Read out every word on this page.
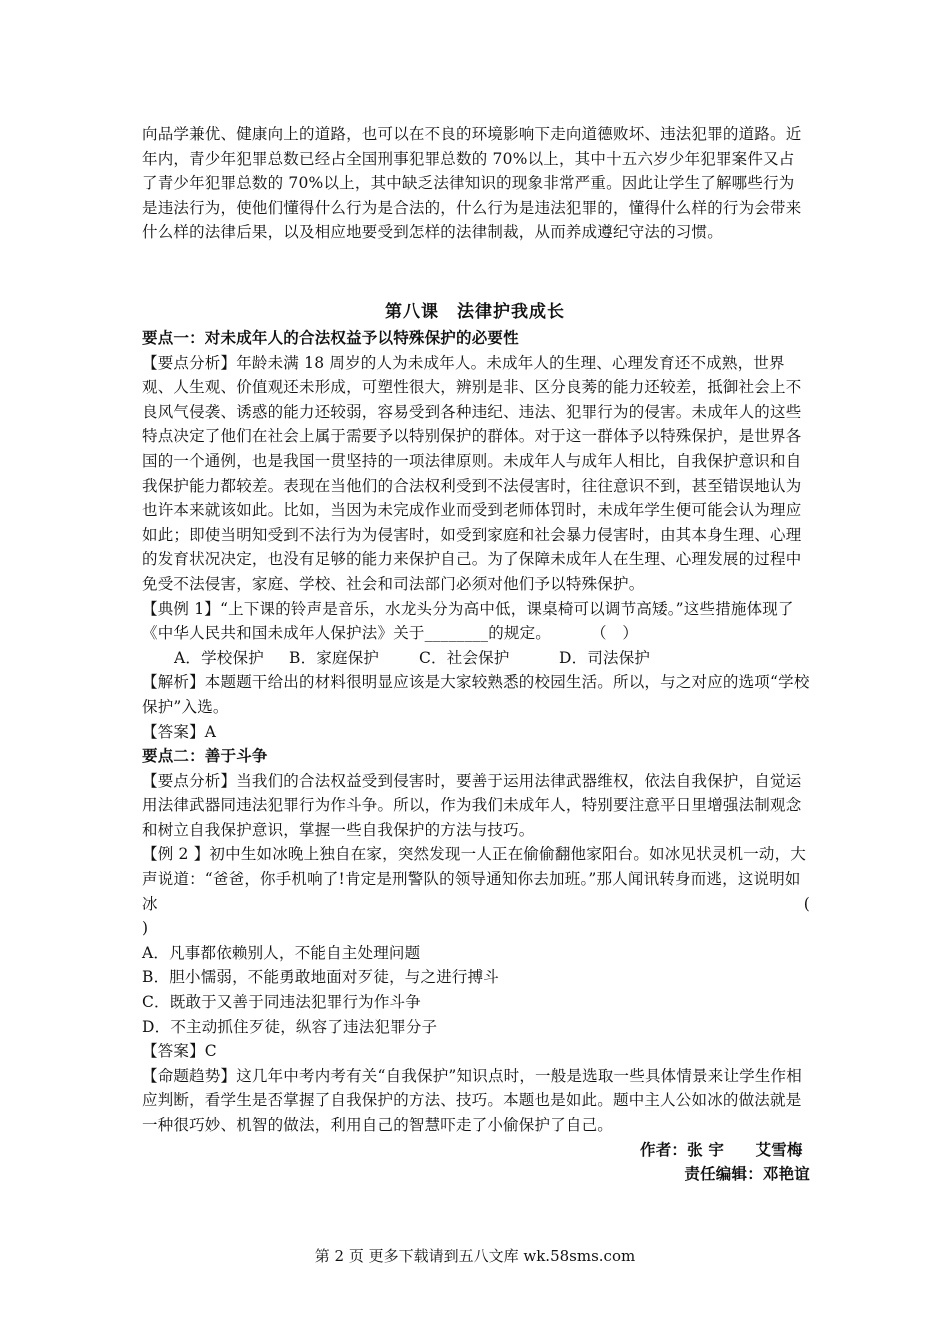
向品学兼优、健康向上的道路，也可以在不良的环境影响下走向道德败坏、违法犯罪的道路。近年内，青少年犯罪总数已经占全国刑事犯罪总数的 70%以上，其中十五六岁少年犯罪案件又占了青少年犯罪总数的 70%以上，其中缺乏法律知识的现象非常严重。因此让学生了解哪些行为是违法行为，使他们懂得什么行为是合法的，什么行为是违法犯罪的，懂得什么样的行为会带来什么样的法律后果，以及相应地要受到怎样的法律制裁，从而养成遵纪守法的习惯。

第八课　法律护我成长

要点一：对未成年人的合法权益予以特殊保护的必要性

【要点分析】年龄未满 18 周岁的人为未成年人。未成年人的生理、心理发育还不成熟，世界观、人生观、价值观还未形成，可塑性很大，辨别是非、区分良莠的能力还较差，抵御社会上不良风气侵袭、诱惑的能力还较弱，容易受到各种违纪、违法、犯罪行为的侵害。未成年人的这些特点决定了他们在社会上属于需要予以特别保护的群体。对于这一群体予以特殊保护，是世界各国的一个通例，也是我国一贯坚持的一项法律原则。未成年人与成年人相比，自我保护意识和自我保护能力都较差。表现在当他们的合法权利受到不法侵害时，往往意识不到，甚至错误地认为也许本来就该如此。比如，当因为未完成作业而受到老师体罚时，未成年学生便可能会认为理应如此；即使当明知受到不法行为为侵害时，如受到家庭和社会暴力侵害时，由其本身生理、心理的发育状况决定，也没有足够的能力来保护自己。为了保障未成年人在生理、心理发展的过程中免受不法侵害，家庭、学校、社会和司法部门必须对他们予以特殊保护。

【典例 1】“上下课的铃声是音乐，水龙头分为高中低，课桌椅可以调节高矮。”这些措施体现了《中华人民共和国未成年人保护法》关于________的规定。	（　）

A．学校保护 B．家庭保护	C．社会保护	D．司法保护

【解析】本题题干给出的材料很明显应该是大家较熟悉的校园生活。所以，与之对应的选项“学校保护”入选。

【答案】A

要点二：善于斗争

【要点分析】当我们的合法权益受到侵害时，要善于运用法律武器维权，依法自我保护，自觉运用法律武器同违法犯罪行为作斗争。所以，作为我们未成年人，特别要注意平日里增强法制观念和树立自我保护意识，掌握一些自我保护的方法与技巧。

【例 2 】初中生如冰晚上独自在家，突然发现一人正在偷偷翻他家阳台。如冰见状灵机一动，大声说道：“爸爸，你手机响了!肯定是刑警队的领导通知你去加班。”那人闻讯转身而逃，这说明如冰	(

)

A．凡事都依赖别人，不能自主处理问题

B．胆小懦弱，不能勇敢地面对歹徒，与之进行搏斗

C．既敢于又善于同违法犯罪行为作斗争

D．不主动抓住歹徒，纵容了违法犯罪分子

【答案】C

【命题趋势】这几年中考内考有关“自我保护”知识点时，一般是选取一些具体情景来让学生作相应判断，看学生是否掌握了自我保护的方法、技巧。本题也是如此。题中主人公如冰的做法就是一种很巧妙、机智的做法，利用自己的智慧吓走了小偷保护了自己。

作者：张 宇　　艾雪梅

责任编辑：邓艳谊

第 2 页 更多下载请到五八文库 wk.58sms.com
